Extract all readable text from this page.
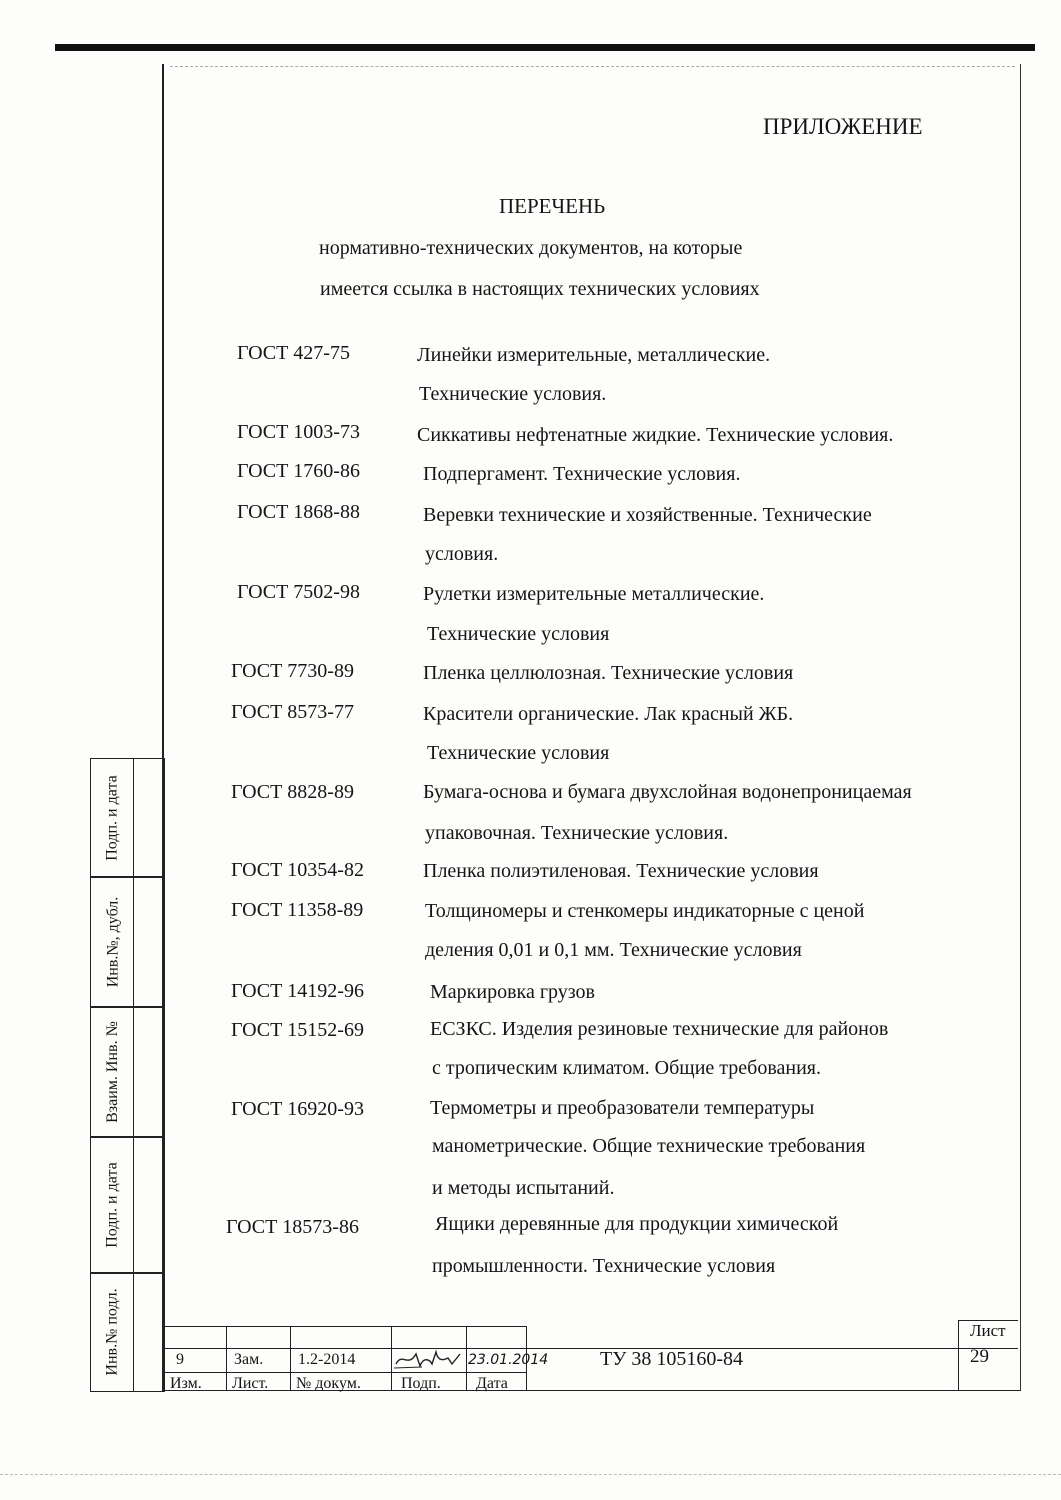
ПРИЛОЖЕНИЕ
ПЕРЕЧЕНЬ
нормативно-технических документов, на которые
имеется ссылка в настоящих технических условиях
ГОСТ 427-75	Линейки измерительные, металлические.
Технические условия.
ГОСТ 1003-73	Сиккативы нефтенатные жидкие. Технические условия.
ГОСТ 1760-86	Подпергамент. Технические условия.
ГОСТ 1868-88	Веревки технические и хозяйственные. Технические
условия.
ГОСТ 7502-98	Рулетки измерительные металлические.
Технические условия
ГОСТ 7730-89	Пленка целлюлозная. Технические условия
ГОСТ 8573-77	Красители органические. Лак красный ЖБ.
Технические условия
ГОСТ 8828-89	Бумага-основа и бумага двухслойная водонепроницаемая
упаковочная. Технические условия.
ГОСТ 10354-82	Пленка полиэтиленовая. Технические условия
ГОСТ 11358-89	Толщиномеры и стенкомеры индикаторные с ценой
деления 0,01 и 0,1 мм. Технические условия
ГОСТ 14192-96	Маркировка грузов
ГОСТ 15152-69	ЕСЗКС. Изделия резиновые технические для районов
с тропическим климатом. Общие требования.
ГОСТ 16920-93	Термометры и преобразователи температуры
манометрические. Общие технические требования
и методы испытаний.
ГОСТ 18573-86	Ящики деревянные для продукции химической
промышленности. Технические условия
Подп. и дата
Инв.№, дубл.
Взаим. Инв. №
Подп. и дата
Инв.№ подл.	9	Зам. 1.2-2014	23.01.2014
Изм. Лист. № докум.	Подп. Дата
ТУ 38 105160-84
Лист
29
